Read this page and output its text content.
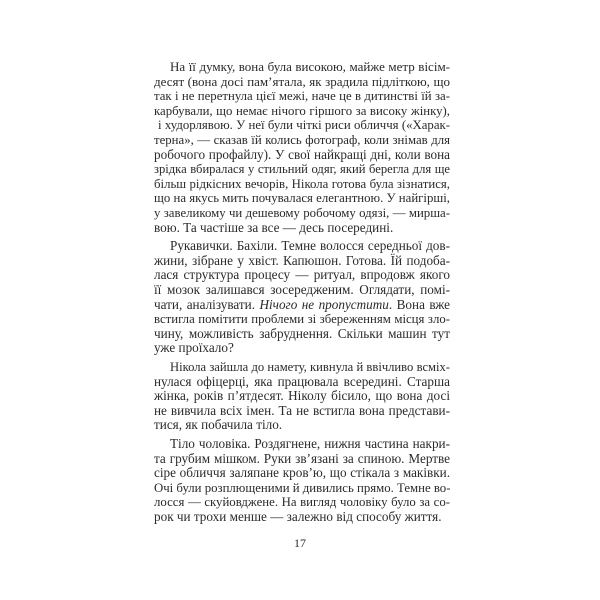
На її думку, вона була високою, майже метр вісім-
десят (вона досі пам’ятала, як зрадила підліткою, що
так і не перетнула цієї межі, наче це в дитинстві їй за-
карбували, що немає нічого гіршого за високу жінку),
і худорлявою. У неї були чіткі риси обличчя («Харак-
терна», — сказав їй колись фотограф, коли знімав для
робочого профайлу). У свої найкращі дні, коли вона
зрідка вбиралася у стильний одяг, який берегла для ще
більш рідкісних вечорів, Нікола готова була зізнатися,
що на якусь мить почувалася елегантною. У найгірші,
у завеликому чи дешевому робочому одязі, — мирша-
вою. Та частіше за все — десь посередині.
Рукавички. Бахіли. Темне волосся середньої дов-
жини, зібране у хвіст. Капюшон. Готова. Їй подоба-
лася структура процесу — ритуал, впродовж якого
її мозок залишався зосередженим. Оглядати, помі-
чати, аналізувати. Нічого не пропустити. Вона вже
встигла помітити проблеми зі збереженням місця зло-
чину, можливість забруднення. Скільки машин тут
уже проїхало?
Нікола зайшла до намету, кивнула й ввічливо всміх-
нулася офіцерці, яка працювала всередині. Старша
жінка, років п’ятдесят. Ніколу бісило, що вона досі
не вивчила всіх імен. Та не встигла вона представи-
тися, як побачила тіло.
Тіло чоловіка. Роздягнене, нижня частина накри-
та грубим мішком. Руки зв’язані за спиною. Мертве
сіре обличчя заляпане кров’ю, що стікала з маківки.
Очі були розплющеними й дивились прямо. Темне во-
лосся — скуйовджене. На вигляд чоловіку було за со-
рок чи трохи менше — залежно від способу життя.
17
